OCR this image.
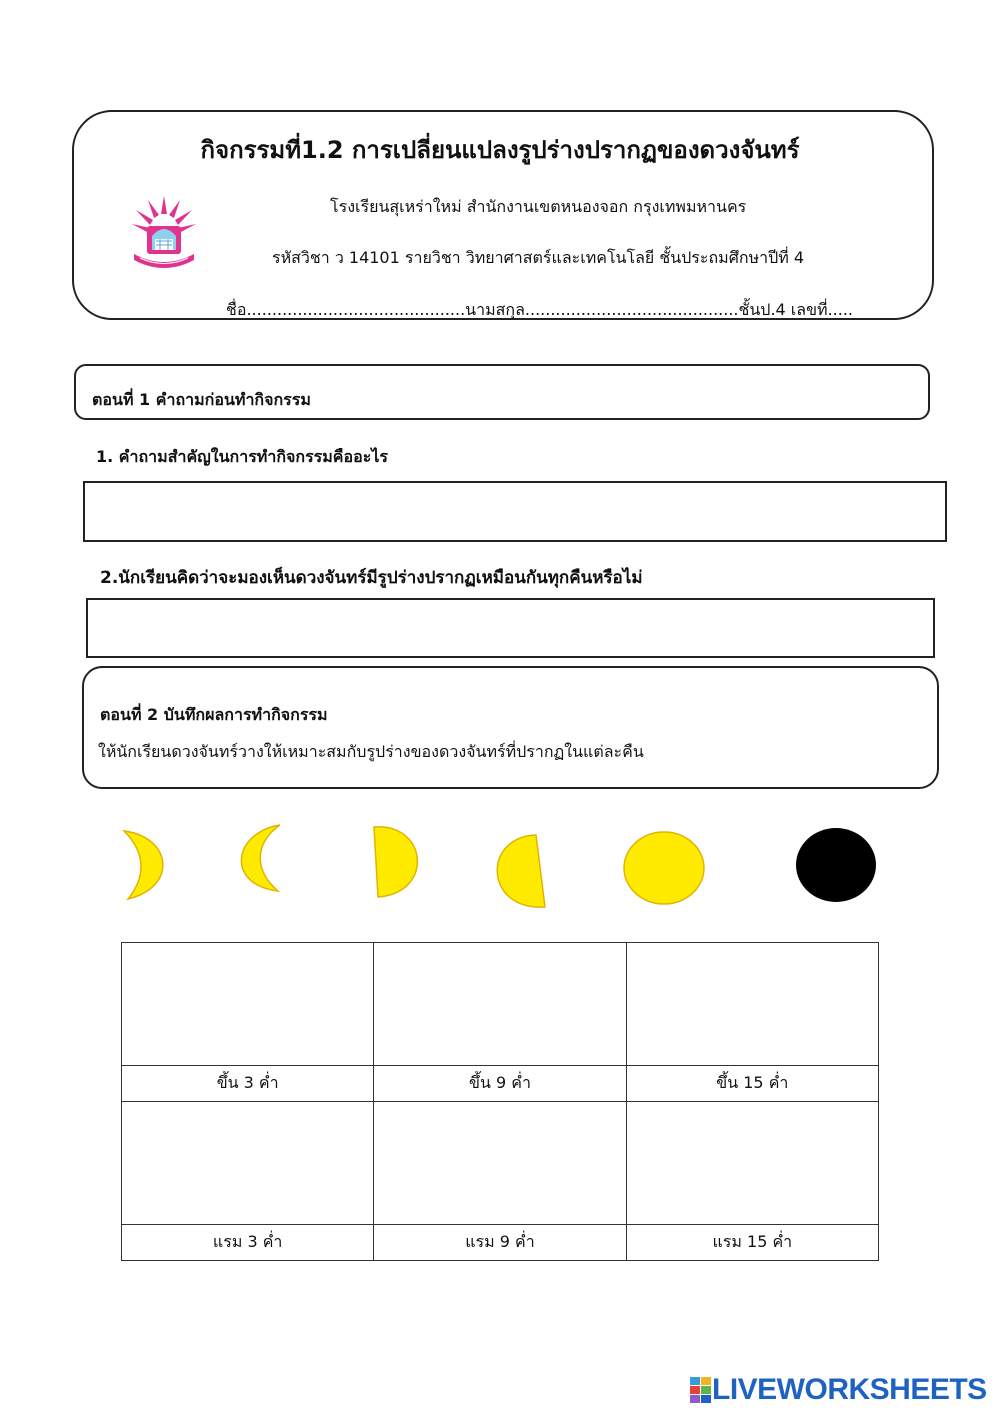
กิจกรรมที่1.2 การเปลี่ยนแปลงรูปร่างปรากฏของดวงจันทร์
โรงเรียนสุเหร่าใหม่ สำนักงานเขตหนองจอก กรุงเทพมหานคร
รหัสวิชา ว 14101 รายวิชา วิทยาศาสตร์และเทคโนโลยี ชั้นประถมศึกษาปีที่ 4
ชื่อ...........................................นามสกุล..........................................ชั้นป.4 เลขที่.....
ตอนที่ 1 คำถามก่อนทำกิจกรรม
1. คำถามสำคัญในการทำกิจกรรมคืออะไร
2.นักเรียนคิดว่าจะมองเห็นดวงจันทร์มีรูปร่างปรากฏเหมือนกันทุกคืนหรือไม่
ตอนที่ 2 บันทึกผลการทำกิจกรรม
ให้นักเรียนดวงจันทร์วางให้เหมาะสมกับรูปร่างของดวงจันทร์ที่ปรากฏในแต่ละคืน

ขึ้น 3 ค่ำ	ขึ้น 9 ค่ำ	ขึ้น 15 ค่ำ

แรม 3 ค่ำ	แรม 9 ค่ำ	แรม 15 ค่ำ
LIVEWORKSHEETS
